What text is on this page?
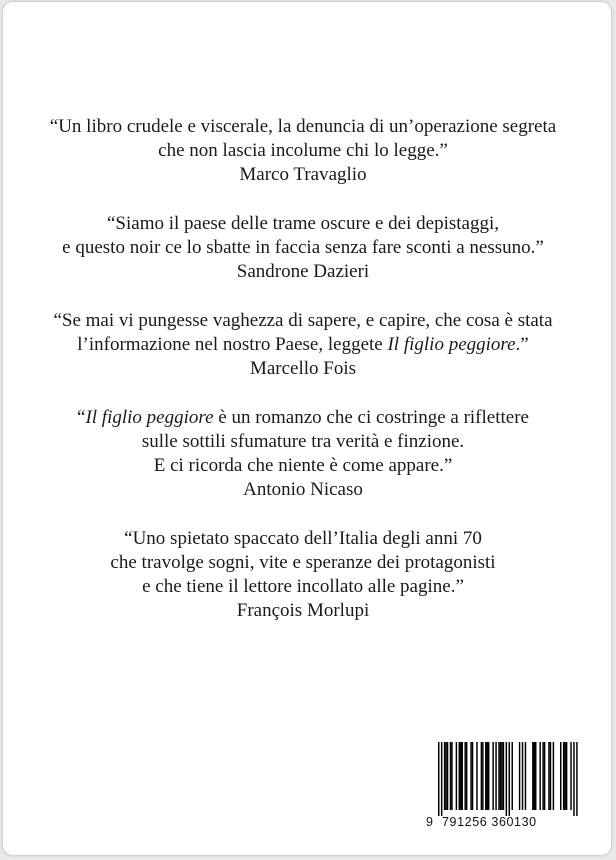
“Un libro crudele e viscerale, la denuncia di un’operazione segreta

che non lascia incolume chi lo legge.”

Marco Travaglio

“Siamo il paese delle trame oscure e dei depistaggi,

e questo noir ce lo sbatte in faccia senza fare sconti a nessuno.”

Sandrone Dazieri

“Se mai vi pungesse vaghezza di sapere, e capire, che cosa è stata

l’informazione nel nostro Paese, leggete Il figlio peggiore.”

Marcello Fois

“Il figlio peggiore è un romanzo che ci costringe a riflettere

sulle sottili sfumature tra verità e finzione.

E ci ricorda che niente è come appare.”

Antonio Nicaso

“Uno spietato spaccato dell’Italia degli anni 70

che travolge sogni, vite e speranze dei protagonisti

e che tiene il lettore incollato alle pagine.”

François Morlupi

9 791256 360130
